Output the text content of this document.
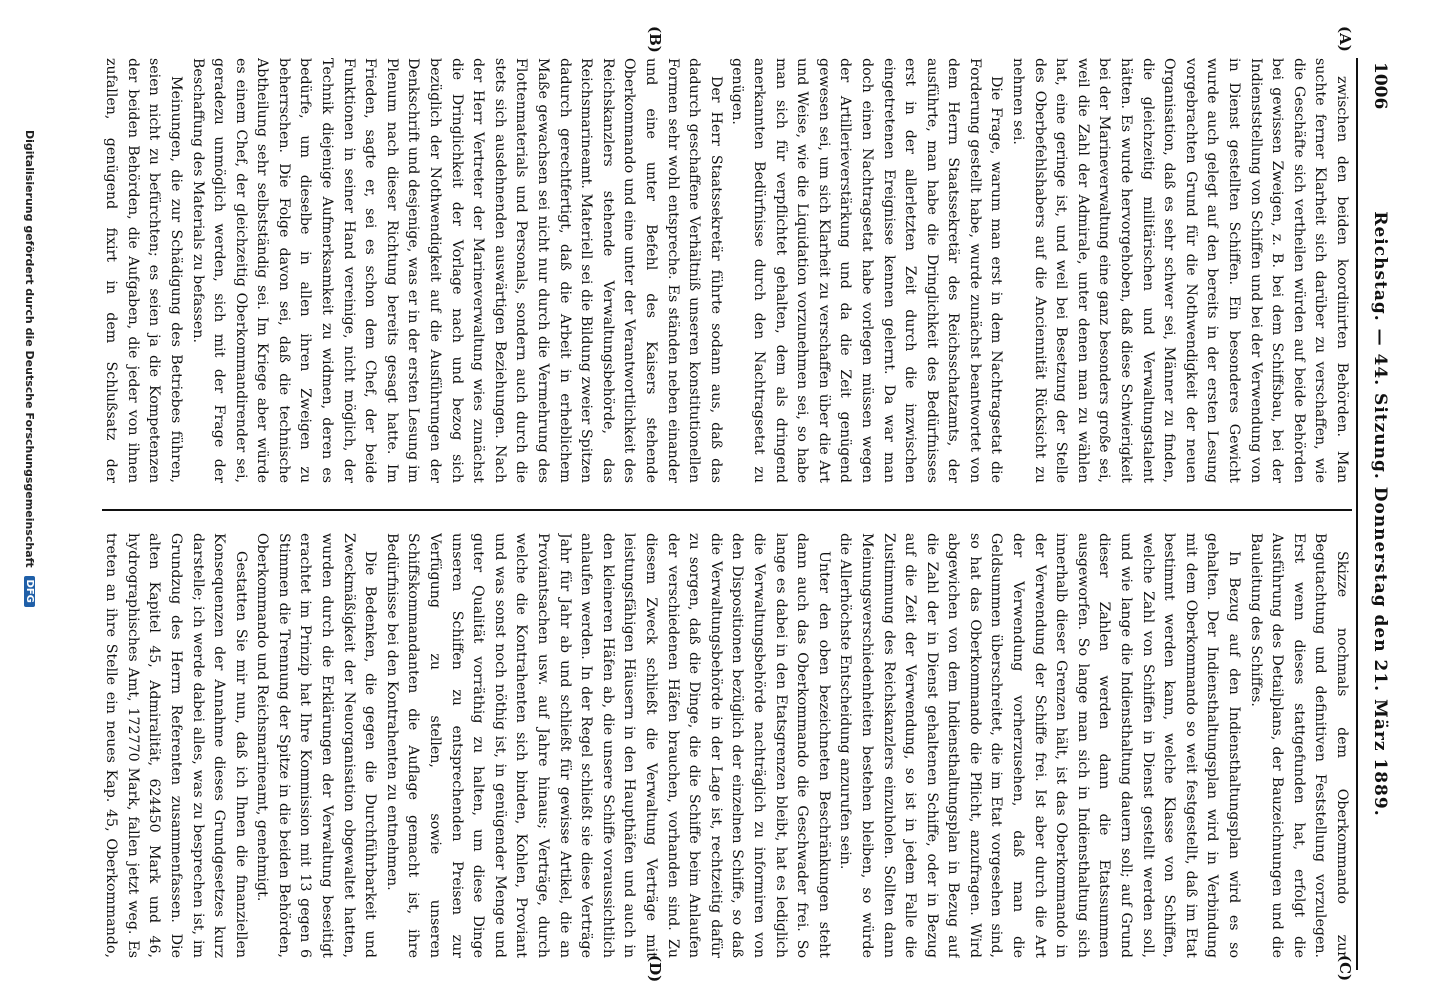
1006
Reichstag. — 44. Sitzung. Donnerstag den 21. März 1889.
(A)
(B)
(C)
(D)

zwischen den beiden koordinirten Behörden. Man suchte ferner Klarheit sich darüber zu verschaffen, wie die Geschäfte sich vertheilen würden auf beide Behörden bei gewissen Zweigen, z. B. bei dem Schiffsbau, bei der Indienststellung von Schiffen und bei der Verwendung von in Dienst gestellten Schiffen. Ein besonderes Gewicht wurde auch gelegt auf den bereits in der ersten Lesung vorgebrachten Grund für die Nothwendigkeit der neuen Organisation, daß es sehr schwer sei, Männer zu finden, die gleichzeitig militärischen und Verwaltungstalent hätten. Es wurde hervorgehoben, daß diese Schwierigkeit bei der Marineverwaltung eine ganz besonders große sei, weil die Zahl der Admirale, unter denen man zu wählen hat, eine geringe ist, und weil bei Besetzung der Stelle des Oberbefehlshabers auf die Anciennität Rücksicht zu nehmen sei.

Die Frage, warum man erst in dem Nachtragsetat die Forderung gestellt habe, wurde zunächst beantwortet von dem Herrn Staatssekretär des Reichsschatzamts, der ausführte, man habe die Dringlichkeit des Bedürfnisses erst in der allerletzten Zeit durch die inzwischen eingetretenen Ereignisse kennen gelernt. Da war man doch einen Nachtragsetat habe vorlegen müssen wegen der Artillerieverstärkung und da die Zeit genügend gewesen sei, um sich Klarheit zu verschaffen über die Art und Weise, wie die Liquidation vorzunehmen sei, so habe man sich für verpflichtet gehalten, dem als dringend anerkannten Bedürfnisse durch den Nachtragsetat zu genügen.

Der Herr Staatssekretär führte sodann aus, daß das dadurch geschaffene Verhältniß unseren konstitutionellen Formen sehr wohl entspreche. Es ständen neben einander und eine unter Befehl des Kaisers stehende Oberkommando und eine unter der Verantwortlichkeit des Reichskanzlers stehende Verwaltungsbehörde, das Reichsmarineamt. Materiell sei die Bildung zweier Spitzen dadurch gerechtfertigt, daß die Arbeit in erheblichem Maße gewachsen sei nicht nur durch die Vermehrung des Flottenmaterials und Personals, sondern auch durch die stets sich ausdehnenden auswärtigen Beziehungen. Nach der Herr Vertreter der Marineverwaltung wies zunächst die Dringlichkeit der Vorlage nach und bezog sich bezüglich der Nothwendigkeit auf die Ausführungen der Denkschrift und desjenige, was er in der ersten Lesung im Plenum nach dieser Richtung bereits gesagt hatte. Im Frieden, sagte er, sei es schon dem Chef, der beide Funktionen in seiner Hand vereinige, nicht möglich, der Technik diejenige Aufmerksamkeit zu widmen, deren es bedürfe, um dieselbe in allen ihren Zweigen zu beherrschen. Die Folge davon sei, daß die technische Abtheilung sehr selbstständig sei. Im Kriege aber würde es einem Chef, der gleichzeitig Oberkommandirender sei, geradezu unmöglich werden, sich mit der Frage der Beschaffung des Materials zu befassen.

Meinungen, die zur Schädigung des Betriebes führen, seien nicht zu befürchten; es seien ja die Kompetenzen der beiden Behörden, die Aufgaben, die jeder von ihnen zufallen, genügend fixirt in dem Schlußsatz der

Skizze nochmals dem Oberkommando zur Begutachtung und definitiven Feststellung vorzulegen. Erst wenn dieses stattgefunden hat, erfolgt die Ausführung des Detailplans, der Bauzeichnungen und die Bauleitung des Schiffes.

In Bezug auf den Indiensthaltungsplan wird es so gehalten. Der Indiensthaltungsplan wird in Verbindung mit dem Oberkommando so weit festgestellt, daß im Etat bestimmt werden kann, welche Klasse von Schiffen, welche Zahl von Schiffen in Dienst gestellt werden soll, und wie lange die Indiensthaltung dauern soll; auf Grund dieser Zahlen werden dann die Etatssummen ausgeworfen. So lange man sich in Indiensthaltung sich innerhalb dieser Grenzen hält, ist das Oberkommando in der Verwendung der Schiffe frei. Ist aber durch die Art der Verwendung vorherzusehen, daß man die Geldsummen überschreitet, die im Etat vorgesehen sind, so hat das Oberkommando die Pflicht, anzufragen. Wird abgewichen von dem Indiensthaltungsplan in Bezug auf die Zahl der in Dienst gehaltenen Schiffe, oder in Bezug auf die Zeit der Verwendung, so ist in jedem Falle die Zustimmung des Reichskanzlers einzuholen. Sollten dann Meinungsverschiedenheiten bestehen bleiben, so würde die Allerhöchste Entscheidung anzurufen sein.

Unter den oben bezeichneten Beschränkungen steht dann auch das Oberkommando die Geschwader frei. So lange es dabei in den Etatsgrenzen bleibt, hat es lediglich die Verwaltungsbehörde nachträglich zu informiren von den Dispositionen bezüglich der einzelnen Schiffe, so daß die Verwaltungsbehörde in der Lage ist, rechtzeitig dafür zu sorgen, daß die Dinge, die die Schiffe beim Anlaufen der verschiedenen Häfen brauchen, vorhanden sind. Zu diesem Zweck schließt die Verwaltung Verträge mit leistungsfähigen Häusern in den Haupthäfen und auch in den kleineren Häfen ab, die unsere Schiffe voraussichtlich anlaufen werden. In der Regel schließt sie diese Verträge Jahr für Jahr ab und schließt für gewisse Artikel, die an Proviantsachen usw. auf Jahre hinaus; Verträge, durch welche die Kontrahenten sich binden, Kohlen, Proviant und was sonst noch nöthig ist, in genügender Menge und guter Qualität vorräthig zu halten, um diese Dinge unseren Schiffen zu entsprechenden Preisen zur Verfügung zu stellen, sowie unseren Schiffskommandanten die Auflage gemacht ist, ihre Bedürfnisse bei den Kontrahenten zu entnehmen.

Die Bedenken, die gegen die Durchführbarkeit und Zweckmäßigkeit der Neuorganisation obgewaltet hatten, wurden durch die Erklärungen der Verwaltung beseitigt erachtet im Prinzip hat Ihre Kommission mit 13 gegen 6 Stimmen die Trennung der Spitze in die beiden Behörden, Oberkommando und Reichsmarineamt, genehmigt.

Gestatten Sie mir nun, daß ich Ihnen die finanziellen Konsequenzen der Annahme dieses Grundgesetzes kurz darstelle; ich werde dabei alles, was zu besprechen ist, im Grundzug des Herrn Referenten zusammenfassen. Die alten Kapitel 45, Admiralität, 624450 Mark und 46, hydrographisches Amt, 172770 Mark, fallen jetzt weg. Es treten an ihre Stelle ein neues Kap. 45, Oberkommando,

Digitalisierung gefördert durch die Deutsche Forschungsgemeinschaft DFG
